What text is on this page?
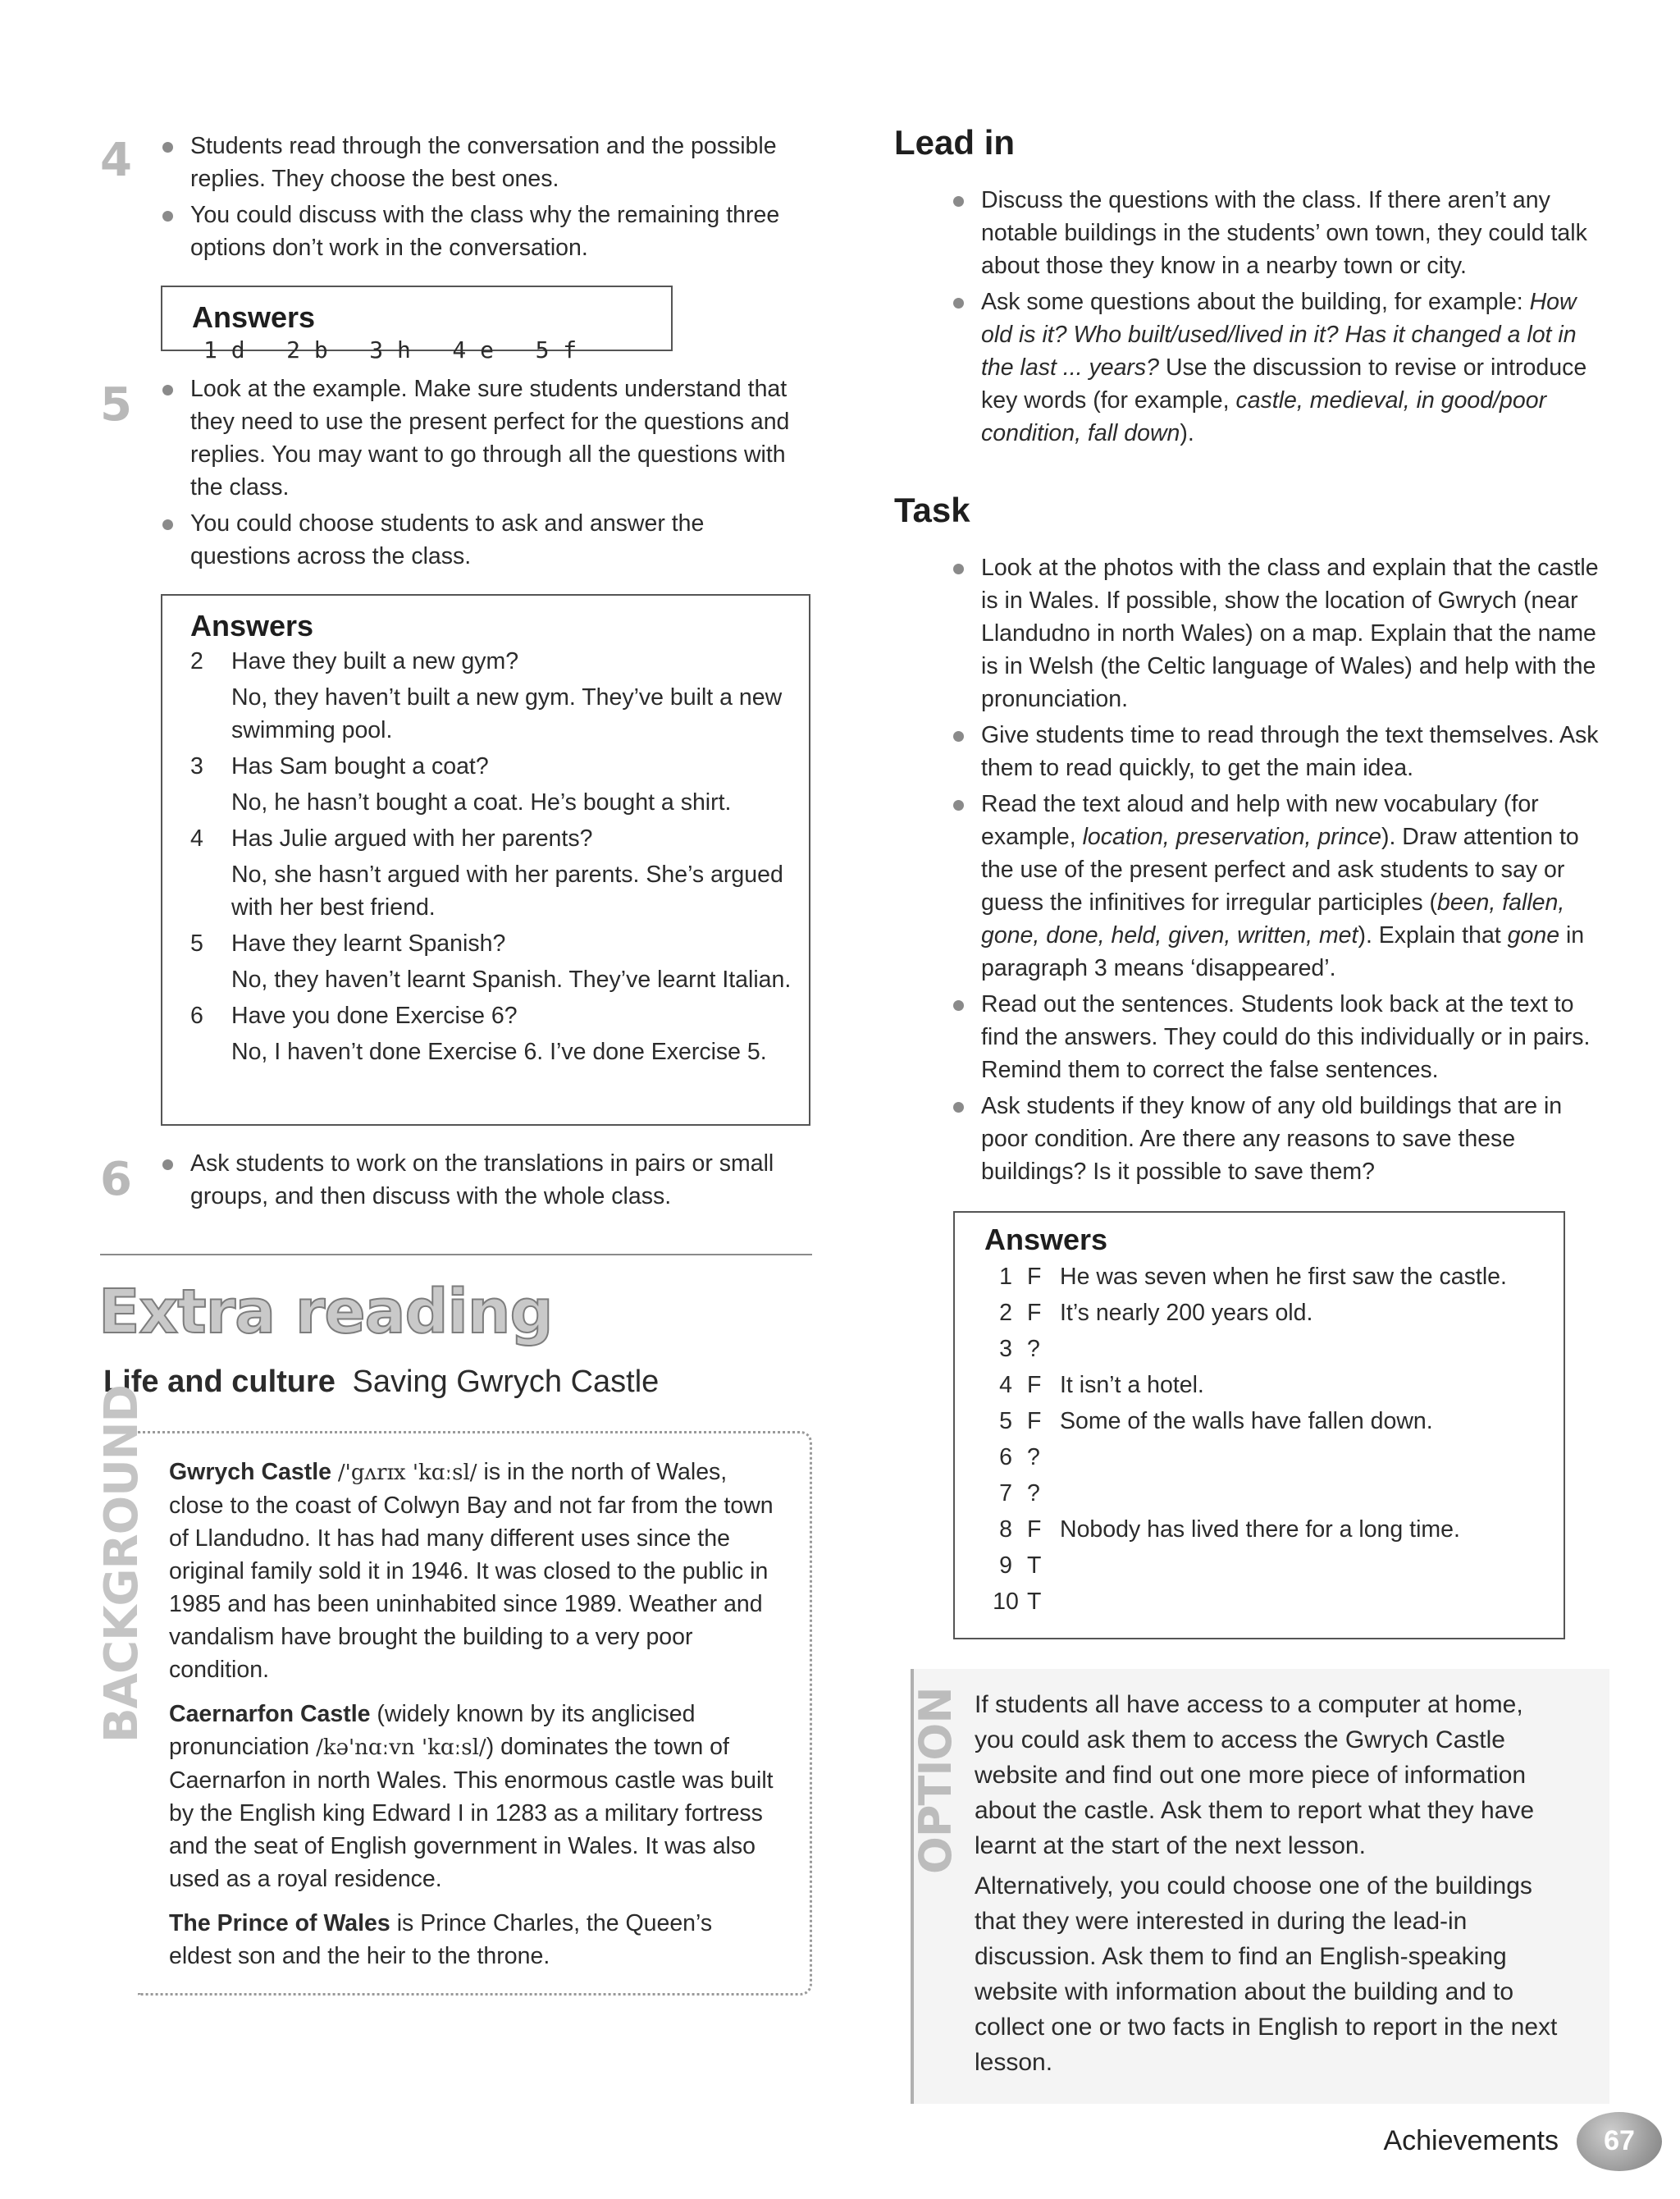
4	Students read through the conversation and the possible replies. They choose the best ones.
You could discuss with the class why the remaining three options don’t work in the conversation.
Answers 1 d   2 b   3 h   4 e   5 f
5	Look at the example. Make sure students understand that they need to use the present perfect for the questions and replies. You may want to go through all the questions with the class.
You could choose students to ask and answer the questions across the class.
Answers
2	Have they built a new gym?
No, they haven’t built a new gym. They’ve built a new swimming pool.
3	Has Sam bought a coat?
No, he hasn’t bought a coat. He’s bought a shirt.
4	Has Julie argued with her parents?
No, she hasn’t argued with her parents. She’s argued with her best friend.
5	Have they learnt Spanish?
No, they haven’t learnt Spanish. They’ve learnt Italian.
6	Have you done Exercise 6?
No, I haven’t done Exercise 6. I’ve done Exercise 5.
6	Ask students to work on the translations in pairs or small groups, and then discuss with the whole class.
Extra reading
Life and culture Saving Gwrych Castle
BACKGROUND Gwrych Castle /'gʌrɪx 'kɑːsl/ is in the north of Wales, close to the coast of Colwyn Bay and not far from the town of Llandudno. It has had many different uses since the original family sold it in 1946. It was closed to the public in 1985 and has been uninhabited since 1989. Weather and vandalism have brought the building to a very poor condition.

Caernarfon Castle (widely known by its anglicised pronunciation /kə'nɑːvn 'kɑːsl/) dominates the town of Caernarfon in north Wales. This enormous castle was built by the English king Edward I in 1283 as a military fortress and the seat of English government in Wales. It was also used as a royal residence.

The Prince of Wales is Prince Charles, the Queen’s eldest son and the heir to the throne.

Lead in
Discuss the questions with the class. If there aren’t any notable buildings in the students’ own town, they could talk about those they know in a nearby town or city.
Ask some questions about the building, for example: How old is it? Who built/used/lived in it? Has it changed a lot in the last ... years? Use the discussion to revise or introduce key words (for example, castle, medieval, in good/poor condition, fall down).
Task
Look at the photos with the class and explain that the castle is in Wales. If possible, show the location of Gwrych (near Llandudno in north Wales) on a map. Explain that the name is in Welsh (the Celtic language of Wales) and help with the pronunciation.
Give students time to read through the text themselves. Ask them to read quickly, to get the main idea.
Read the text aloud and help with new vocabulary (for example, location, preservation, prince). Draw attention to the use of the present perfect and ask students to say or guess the infinitives for irregular participles (been, fallen, gone, done, held, given, written, met). Explain that gone in paragraph 3 means ‘disappeared’.
Read out the sentences. Students look back at the text to find the answers. They could do this individually or in pairs. Remind them to correct the false sentences.
Ask students if they know of any old buildings that are in poor condition. Are there any reasons to save these buildings? Is it possible to save them?
Answers
1 F He was seven when he first saw the castle.
2 F It’s nearly 200 years old.
3 ?
4 F It isn’t a hotel.
5 F Some of the walls have fallen down.
6 ?
7 ?
8 F Nobody has lived there for a long time.
9 T
10 T
OPTION If students all have access to a computer at home, you could ask them to access the Gwrych Castle website and find out one more piece of information about the castle. Ask them to report what they have learnt at the start of the next lesson.

Alternatively, you could choose one of the buildings that they were interested in during the lead-in discussion. Ask them to find an English-speaking website with information about the building and to collect one or two facts in English to report in the next lesson.

Achievements	67
